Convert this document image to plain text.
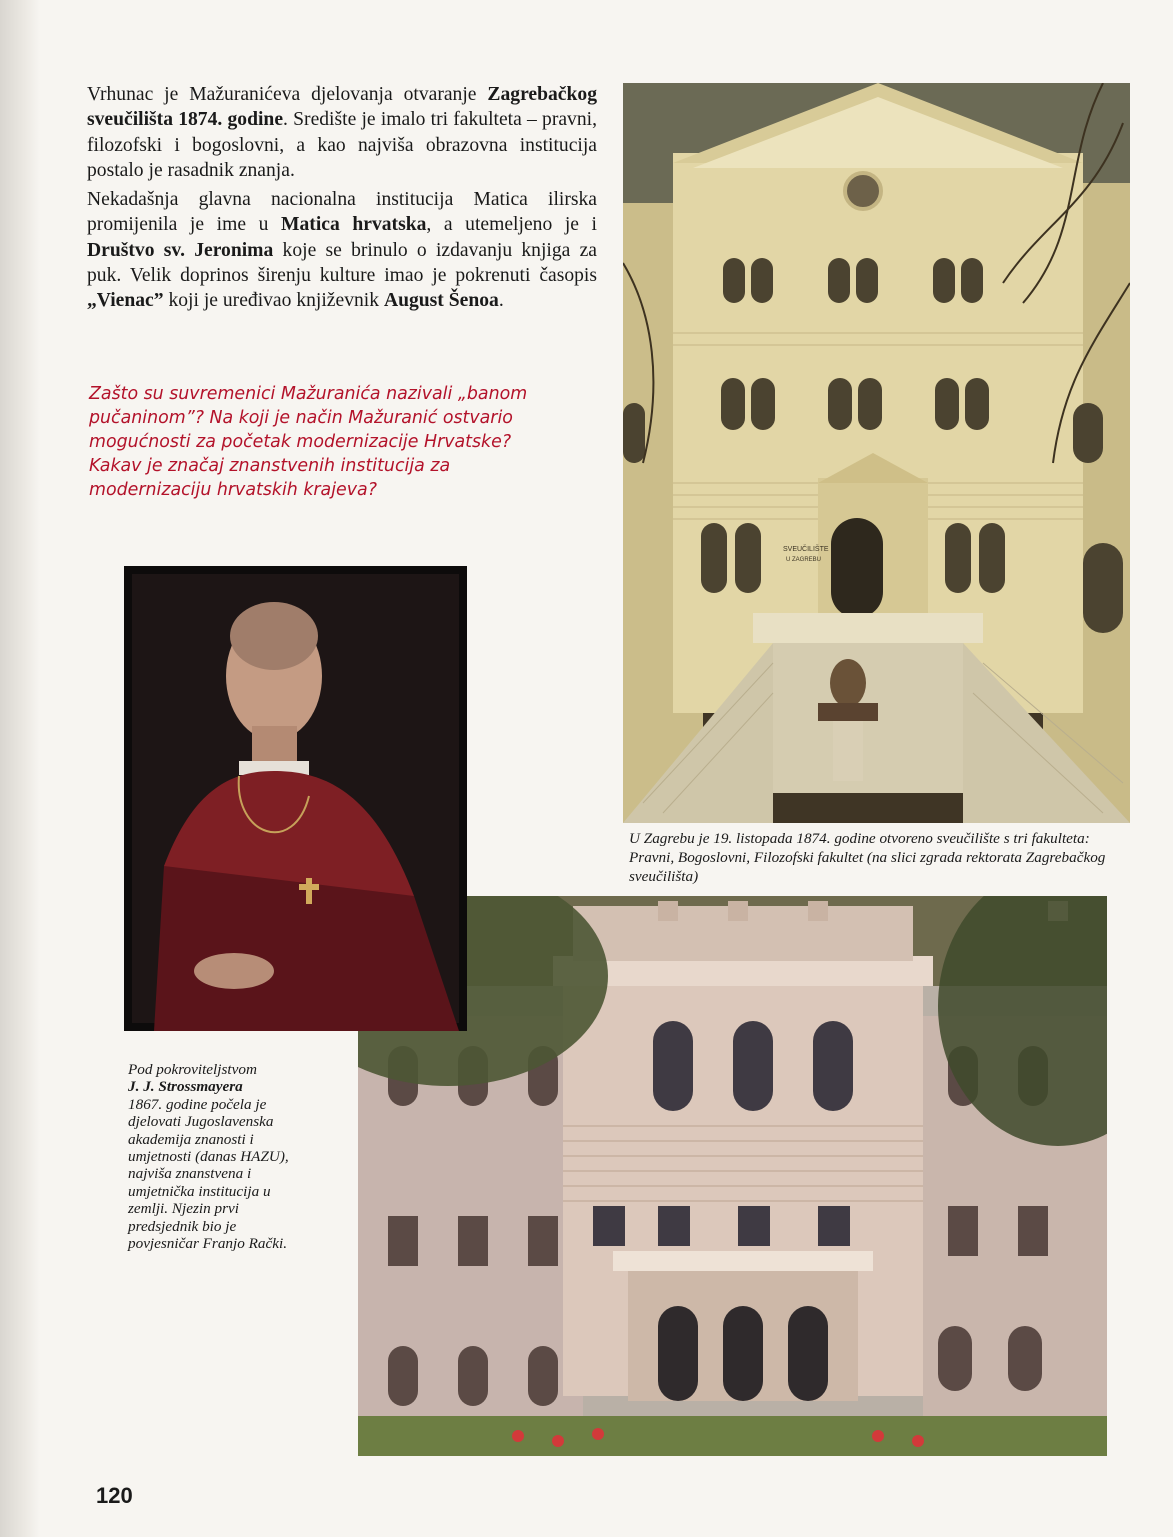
Vrhunac je Mažuranićeva djelovanja otvaranje Zagrebačkog sveučilišta 1874. godine. Središte je imalo tri fakulteta – pravni, filozofski i bogoslovni, a kao najviša obrazovna institucija postalo je rasadnik znanja.

Nekadašnja glavna nacionalna institucija Matica ilirska promijenila je ime u Matica hrvatska, a utemeljeno je i Društvo sv. Jeronima koje se brinulo o izdavanju knjiga za puk. Velik doprinos širenju kulture imao je pokrenuti časopis „Vienac” koji je uređivao književnik August Šenoa.

Zašto su suvremenici Mažuranića nazivali „banom pučaninom”? Na koji je način Mažuranić ostvario mogućnosti za početak modernizacije Hrvatske? Kakav je značaj znanstvenih institucija za modernizaciju hrvatskih krajeva?
SVEUČILIŠTE
U ZAGREBU
U Zagrebu je 19. listopada 1874. godine otvoreno sveučilište s tri fakulteta: Pravni, Bogoslovni, Filozofski fakultet (na slici zgrada rektorata Zagrebačkog sveučilišta)
Pod pokroviteljstvom
J. J. Strossmayera
1867. godine počela je djelovati Jugoslavenska akademija znanosti i umjetnosti (danas HAZU), najviša znanstvena i umjetnička institucija u zemlji. Njezin prvi predsjednik bio je povjesničar Franjo Rački.
120
